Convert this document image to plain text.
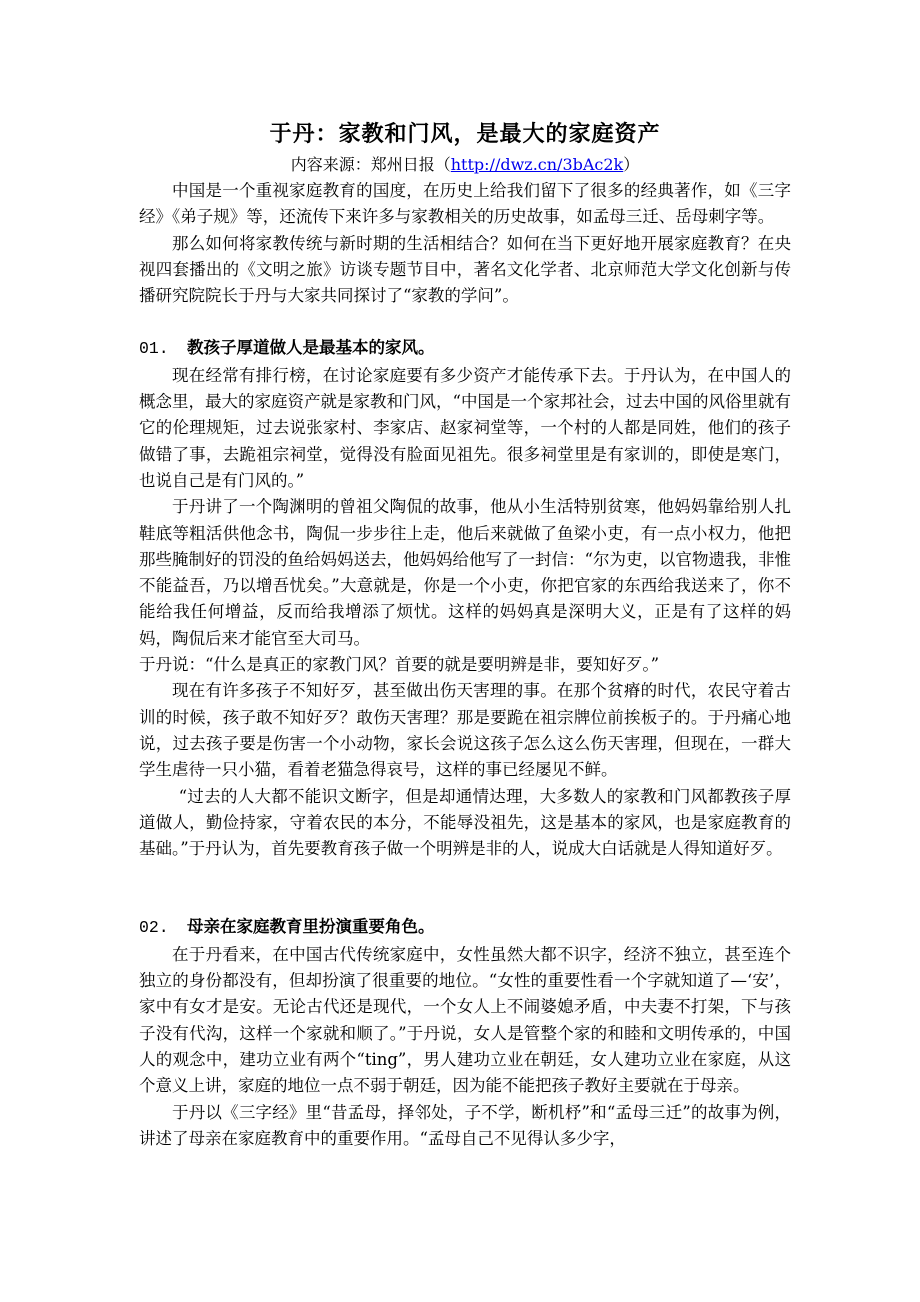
于丹：家教和门风，是最大的家庭资产

内容来源：郑州日报（http://dwz.cn/3bAc2k）

中国是一个重视家庭教育的国度，在历史上给我们留下了很多的经典著作，如《三字经》《弟子规》等，还流传下来许多与家教相关的历史故事，如孟母三迁、岳母刺字等。

那么如何将家教传统与新时期的生活相结合？如何在当下更好地开展家庭教育？在央视四套播出的《文明之旅》访谈专题节目中，著名文化学者、北京师范大学文化创新与传播研究院院长于丹与大家共同探讨了“家教的学问”。

01. 教孩子厚道做人是最基本的家风。

现在经常有排行榜，在讨论家庭要有多少资产才能传承下去。于丹认为，在中国人的概念里，最大的家庭资产就是家教和门风，“中国是一个家邦社会，过去中国的风俗里就有它的伦理规矩，过去说张家村、李家店、赵家祠堂等，一个村的人都是同姓，他们的孩子做错了事，去跪祖宗祠堂，觉得没有脸面见祖先。很多祠堂里是有家训的，即使是寒门，也说自己是有门风的。”

于丹讲了一个陶渊明的曾祖父陶侃的故事，他从小生活特别贫寒，他妈妈靠给别人扎鞋底等粗活供他念书，陶侃一步步往上走，他后来就做了鱼梁小吏，有一点小权力，他把那些腌制好的罚没的鱼给妈妈送去，他妈妈给他写了一封信：“尔为吏，以官物遗我，非惟不能益吾，乃以增吾忧矣。”大意就是，你是一个小吏，你把官家的东西给我送来了，你不能给我任何增益，反而给我增添了烦忧。这样的妈妈真是深明大义，正是有了这样的妈妈，陶侃后来才能官至大司马。

于丹说：“什么是真正的家教门风？首要的就是要明辨是非，要知好歹。”

现在有许多孩子不知好歹，甚至做出伤天害理的事。在那个贫瘠的时代，农民守着古训的时候，孩子敢不知好歹？敢伤天害理？那是要跪在祖宗牌位前挨板子的。于丹痛心地说，过去孩子要是伤害一个小动物，家长会说这孩子怎么这么伤天害理，但现在，一群大学生虐待一只小猫，看着老猫急得哀号，这样的事已经屡见不鲜。

“过去的人大都不能识文断字，但是却通情达理，大多数人的家教和门风都教孩子厚道做人，勤俭持家，守着农民的本分，不能辱没祖先，这是基本的家风，也是家庭教育的基础。”于丹认为，首先要教育孩子做一个明辨是非的人，说成大白话就是人得知道好歹。

02. 母亲在家庭教育里扮演重要角色。

在于丹看来，在中国古代传统家庭中，女性虽然大都不识字，经济不独立，甚至连个独立的身份都没有，但却扮演了很重要的地位。“女性的重要性看一个字就知道了—‘安’，家中有女才是安。无论古代还是现代，一个女人上不闹婆媳矛盾，中夫妻不打架，下与孩子没有代沟，这样一个家就和顺了。”于丹说，女人是管整个家的和睦和文明传承的，中国人的观念中，建功立业有两个“ting”，男人建功立业在朝廷，女人建功立业在家庭，从这个意义上讲，家庭的地位一点不弱于朝廷，因为能不能把孩子教好主要就在于母亲。

于丹以《三字经》里“昔孟母，择邻处，子不学，断机杼”和“孟母三迁”的故事为例，讲述了母亲在家庭教育中的重要作用。“孟母自己不见得认多少字，
